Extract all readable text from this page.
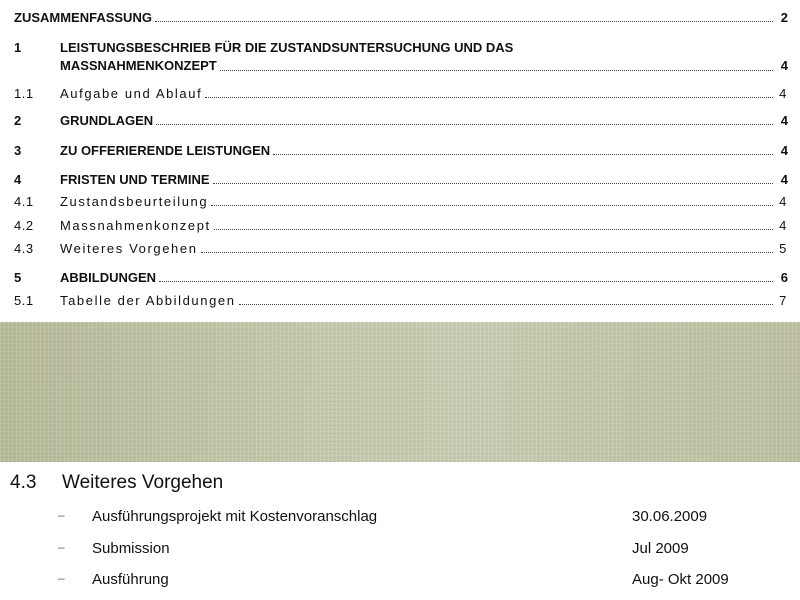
ZUSAMMENFASSUNG	2
1	LEISTUNGSBESCHRIEB FÜR DIE ZUSTANDSUNTERSUCHUNG UND DAS
MASSNAHMENKONZEPT	4
1.1	Aufgabe und Ablauf	4
2	GRUNDLAGEN	4
3	ZU OFFERIERENDE LEISTUNGEN	4
4	FRISTEN UND TERMINE	4
4.1	Zustandsbeurteilung	4
4.2	Massnahmenkonzept	4
4.3	Weiteres Vorgehen	5
5	ABBILDUNGEN	6
5.1	Tabelle der Abbildungen	7
4.3	Weiteres Vorgehen
– Ausführungsprojekt mit Kostenvoranschlag	30.06.2009
– Submission	Jul 2009
– Ausführung	Aug- Okt 2009
